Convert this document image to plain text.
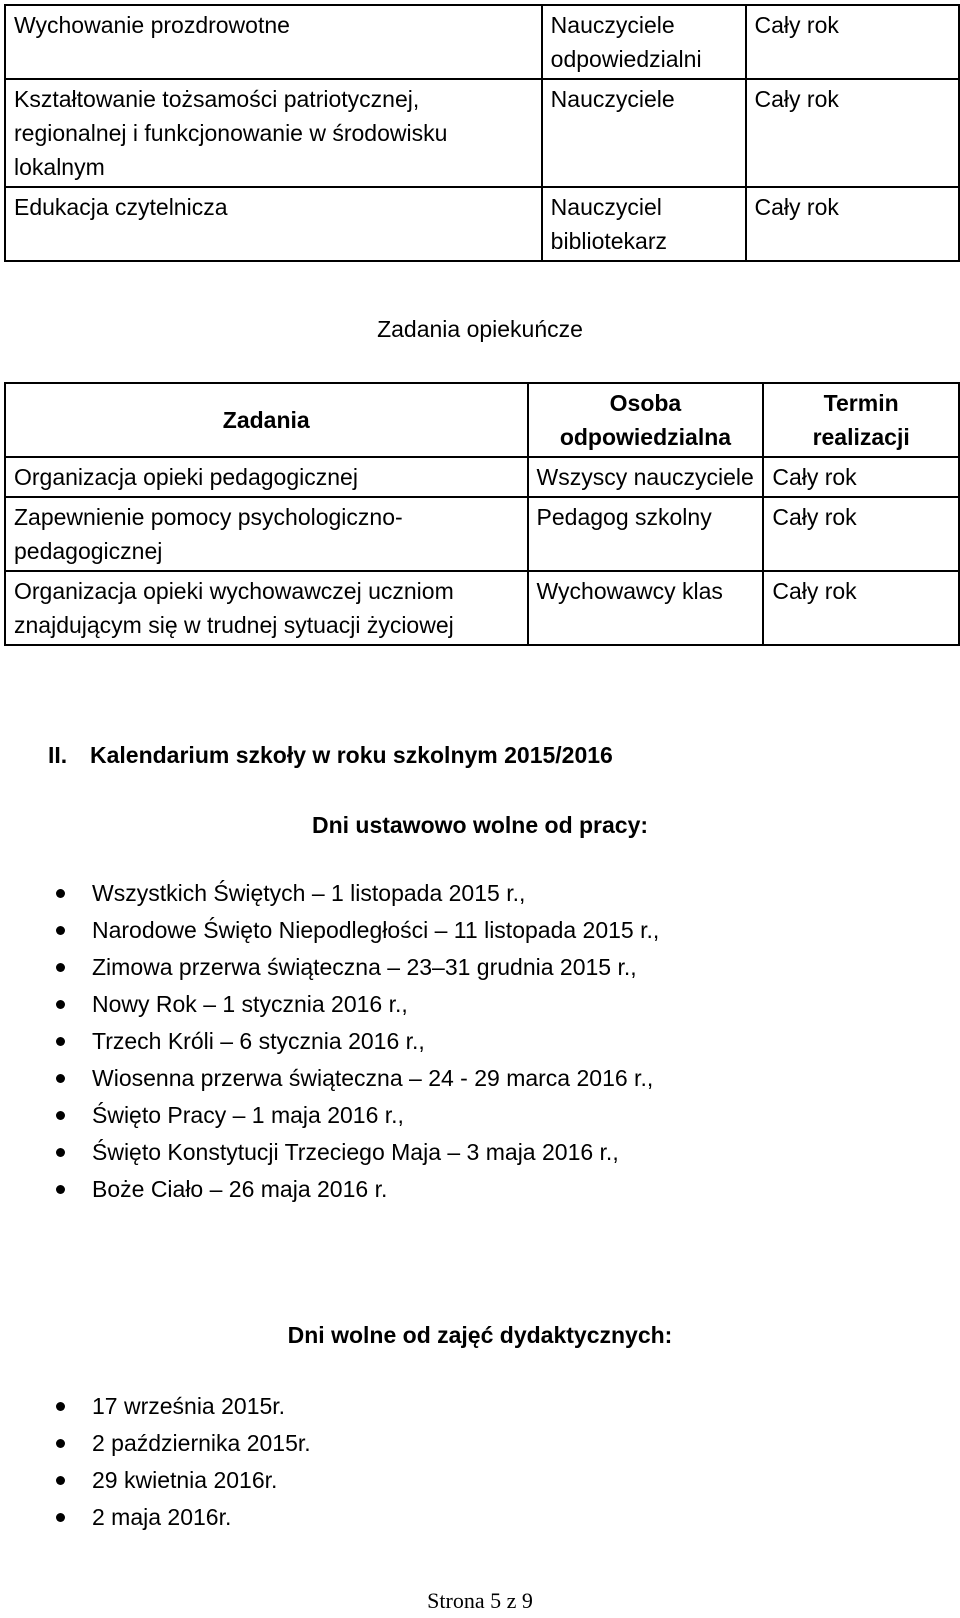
Wychowanie prozdrowotne	Nauczyciele odpowiedzialni	Cały rok
Kształtowanie tożsamości patriotycznej, regionalnej i funkcjonowanie w środowisku lokalnym	Nauczyciele	Cały rok
Edukacja czytelnicza	Nauczyciel bibliotekarz	Cały rok
Zadania opiekuńcze
Zadania	Osoba odpowiedzialna	Termin realizacji
Organizacja opieki pedagogicznej	Wszyscy nauczyciele	Cały rok
Zapewnienie pomocy psychologiczno-pedagogicznej	Pedagog szkolny	Cały rok
Organizacja opieki wychowawczej uczniom znajdującym się w trudnej sytuacji życiowej	Wychowawcy klas	Cały rok
II. Kalendarium szkoły w roku szkolnym 2015/2016
Dni ustawowo wolne od pracy:
Wszystkich Świętych – 1 listopada 2015 r.,
Narodowe Święto Niepodległości – 11 listopada 2015 r.,
Zimowa przerwa świąteczna – 23–31 grudnia 2015 r.,
Nowy Rok – 1 stycznia 2016 r.,
Trzech Króli – 6 stycznia 2016 r.,
Wiosenna przerwa świąteczna – 24 - 29 marca 2016 r.,
Święto Pracy – 1 maja 2016 r.,
Święto Konstytucji Trzeciego Maja – 3 maja 2016 r.,
Boże Ciało – 26 maja 2016 r.
Dni wolne od zajęć dydaktycznych:
17 września 2015r.
2 października 2015r.
29 kwietnia 2016r.
2 maja 2016r.
Strona 5 z 9
